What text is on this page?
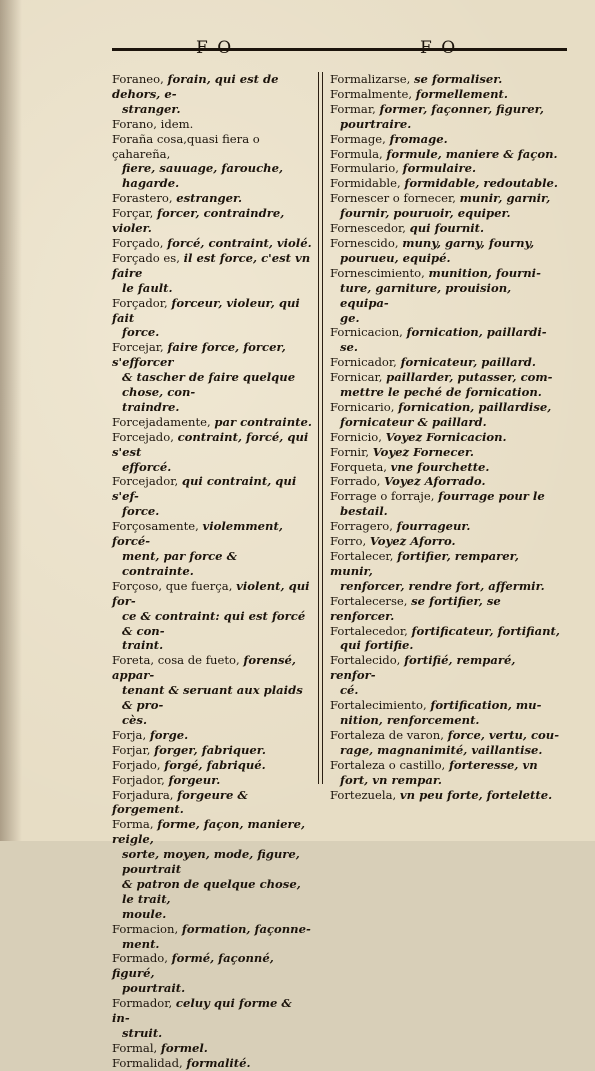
F O	F O
Foraneo, forain, qui est de dehors, e-
stranger.
Forano, idem.
Foraña cosa,quasi fiera o çahareña,
fiere, sauuage, farouche, hagarde.
Forastero, estranger.
Forçar, forcer, contraindre, violer.
Forçado, forcé, contraint, violé.
Forçado es, il est force, c'est vn faire
le fault.
Forçador, forceur, violeur, qui fait
force.
Forcejar, faire force, forcer, s'efforcer
& tascher de faire quelque chose, con-
traindre.
Forcejadamente, par contrainte.
Forcejado, contraint, forcé, qui s'est
efforcé.
Forcejador, qui contraint, qui s'ef-
force.
Forçosamente, violemment, forcé-
ment, par force & contrainte.
Forçoso, que fuerça, violent, qui for-
ce & contraint: qui est forcé & con-
traint.
Foreta, cosa de fueto, forensé, appar-
tenant & seruant aux plaids & pro-
cès.
Forja, forge.
Forjar, forger, fabriquer.
Forjado, forgé, fabriqué.
Forjador, forgeur.
Forjadura, forgeure & forgement.
Forma, forme, façon, maniere, reigle,
sorte, moyen, mode, figure, pourtrait
& patron de quelque chose, le trait,
moule.
Formacion, formation, façonne-
ment.
Formado, formé, façonné, figuré,
pourtrait.
Formador, celuy qui forme & in-
struit.
Formal, formel.
Formalidad, formalité.
Formalizarse, se formaliser.
Formalmente, formellement.
Formar, former, façonner, figurer,
pourtraire.
Formage, fromage.
Formula, formule, maniere & façon.
Formulario, formulaire.
Formidable, formidable, redoutable.
Fornescer o fornecer, munir, garnir,
fournir, pouruoir, equiper.
Fornescedor, qui fournit.
Fornescido, muny, garny, fourny,
pourueu, equipé.
Fornescimiento, munition, fourni-
ture, garniture, prouision, equipa-
ge.
Fornicacion, fornication, paillardi-
se.
Fornicador, fornicateur, paillard.
Fornicar, paillarder, putasser, com-
mettre le peché de fornication.
Fornicario, fornication, paillardise,
fornicateur & paillard.
Fornicio, Voyez Fornicacion.
Fornir, Voyez Fornecer.
Forqueta, vne fourchette.
Forrado, Voyez Aforrado.
Forrage o forraje, fourrage pour le
bestail.
Forragero, fourrageur.
Forro, Voyez Aforro.
Fortalecer, fortifier, remparer, munir,
renforcer, rendre fort, affermir.
Fortalecerse, se fortifier, se renforcer.
Fortalecedor, fortificateur, fortifiant,
qui fortifie.
Fortalecido, fortifié, remparé, renfor-
cé.
Fortalecimiento, fortification, mu-
nition, renforcement.
Fortaleza de varon, force, vertu, cou-
rage, magnanimité, vaillantise.
Fortaleza o castillo, forteresse, vn
fort, vn rempar.
Fortezuela, vn peu forte, fortelette.
